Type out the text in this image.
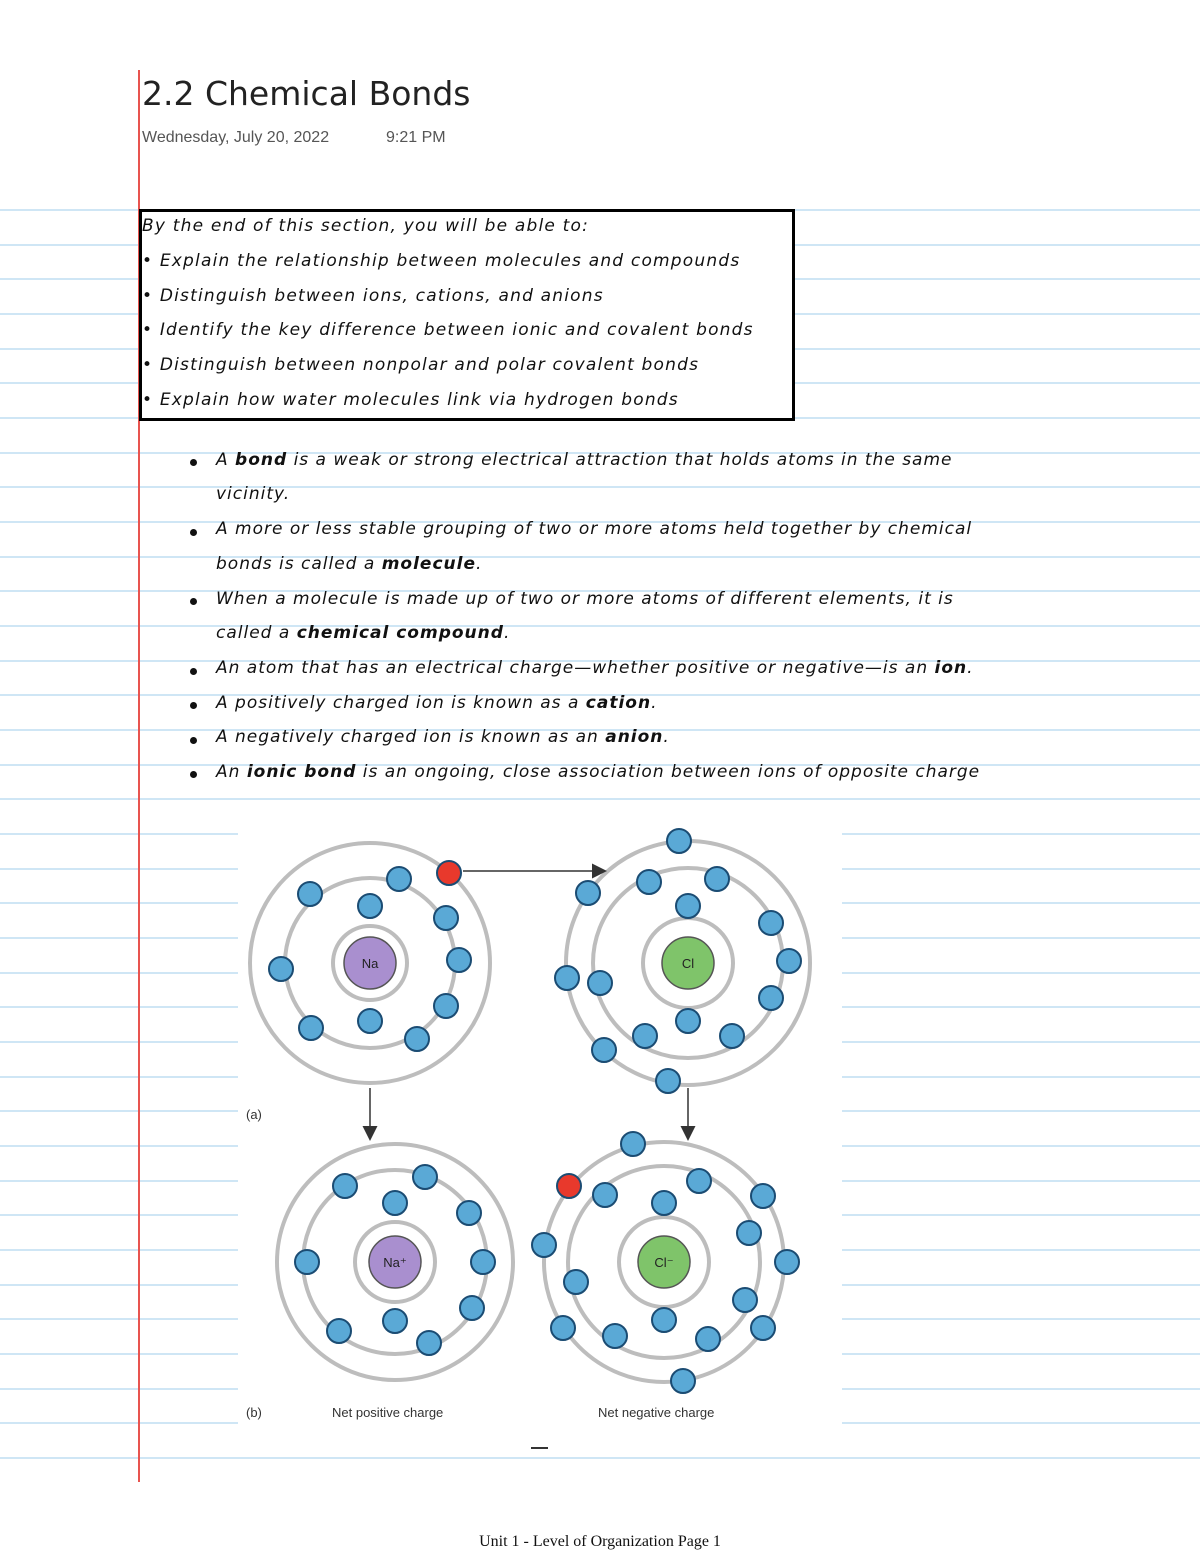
2.2 Chemical Bonds
Wednesday, July 20, 2022	9:21 PM
By the end of this section, you will be able to:
• Explain the relationship between molecules and compounds
• Distinguish between ions, cations, and anions
• Identify the key difference between ionic and covalent bonds
• Distinguish between nonpolar and polar covalent bonds
• Explain how water molecules link via hydrogen bonds
A bond is a weak or strong electrical attraction that holds atoms in the same
vicinity.
A more or less stable grouping of two or more atoms held together by chemical
bonds is called a molecule.
When a molecule is made up of two or more atoms of different elements, it is
called a chemical compound.
An atom that has an electrical charge—whether positive or negative—is an ion.
A positively charged ion is known as a cation.
A negatively charged ion is known as an anion.
An ionic bond is an ongoing, close association between ions of opposite charge
Na	Cl
Na⁺	Cl⁻
(a)
(b)	Net positive charge	Net negative charge
Unit 1 - Level of Organization Page 1
